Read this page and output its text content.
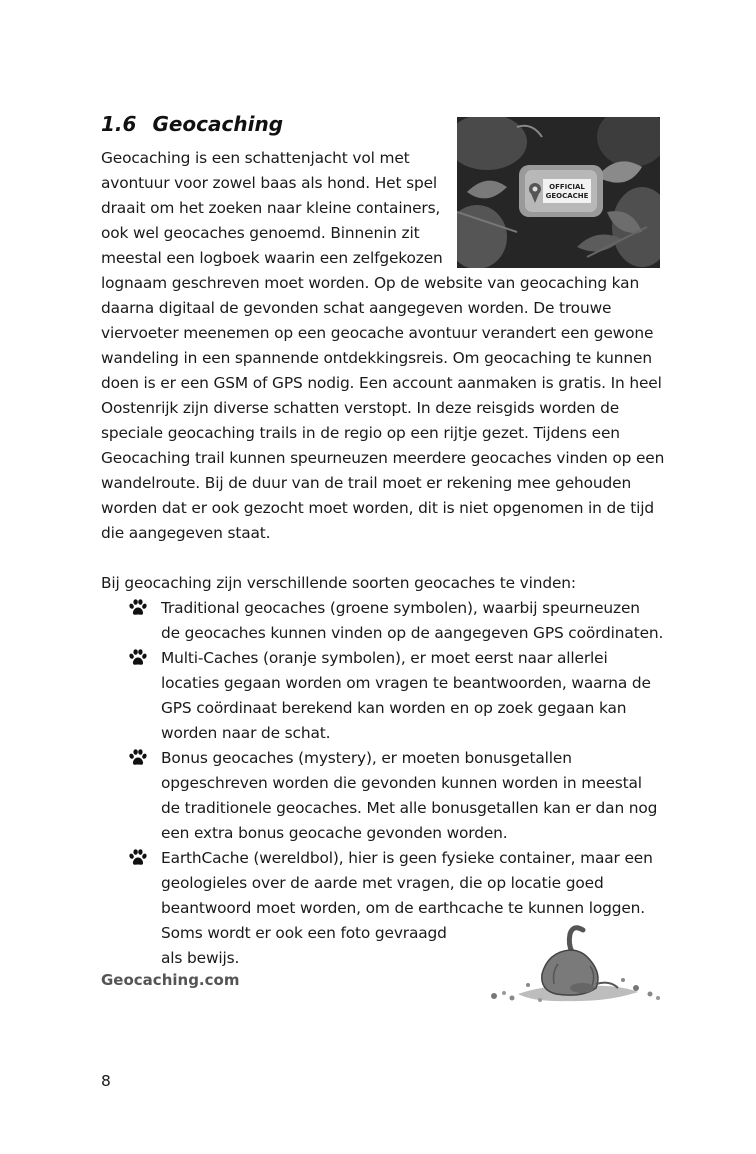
1.6 Geocaching
OFFICIAL
GEOCACHE

Geocaching is een schattenjacht vol met

avontuur voor zowel baas als hond. Het spel

draait om het zoeken naar kleine containers,

ook wel geocaches genoemd. Binnenin zit

meestal een logboek waarin een zelfgekozen

lognaam geschreven moet worden. Op de website van geocaching kan

daarna digitaal de gevonden schat aangegeven worden. De trouwe

viervoeter meenemen op een geocache avontuur verandert een gewone

wandeling in een spannende ontdekkingsreis. Om geocaching te kunnen

doen is er een GSM of GPS nodig. Een account aanmaken is gratis. In heel

Oostenrijk zijn diverse schatten verstopt. In deze reisgids worden de

speciale geocaching trails in de regio op een rijtje gezet. Tijdens een

Geocaching trail kunnen speurneuzen meerdere geocaches vinden op een

wandelroute. Bij de duur van de trail moet er rekening mee gehouden

worden dat er ook gezocht moet worden, dit is niet opgenomen in de tijd

die aangegeven staat.

Bij geocaching zijn verschillende soorten geocaches te vinden:

Traditional geocaches (groene symbolen), waarbij speurneuzen

de geocaches kunnen vinden op de aangegeven GPS coördinaten.

Multi-Caches (oranje symbolen), er moet eerst naar allerlei

locaties gegaan worden om vragen te beantwoorden, waarna de

GPS coördinaat berekend kan worden en op zoek gegaan kan

worden naar de schat.

Bonus geocaches (mystery), er moeten bonusgetallen

opgeschreven worden die gevonden kunnen worden in meestal

de traditionele geocaches. Met alle bonusgetallen kan er dan nog

een extra bonus geocache gevonden worden.

EarthCache (wereldbol), hier is geen fysieke container, maar een

geologieles over de aarde met vragen, die op locatie goed

beantwoord moet worden, om de earthcache te kunnen loggen.

Soms wordt er ook een foto gevraagd

als bewijs.

Geocaching.com

8
